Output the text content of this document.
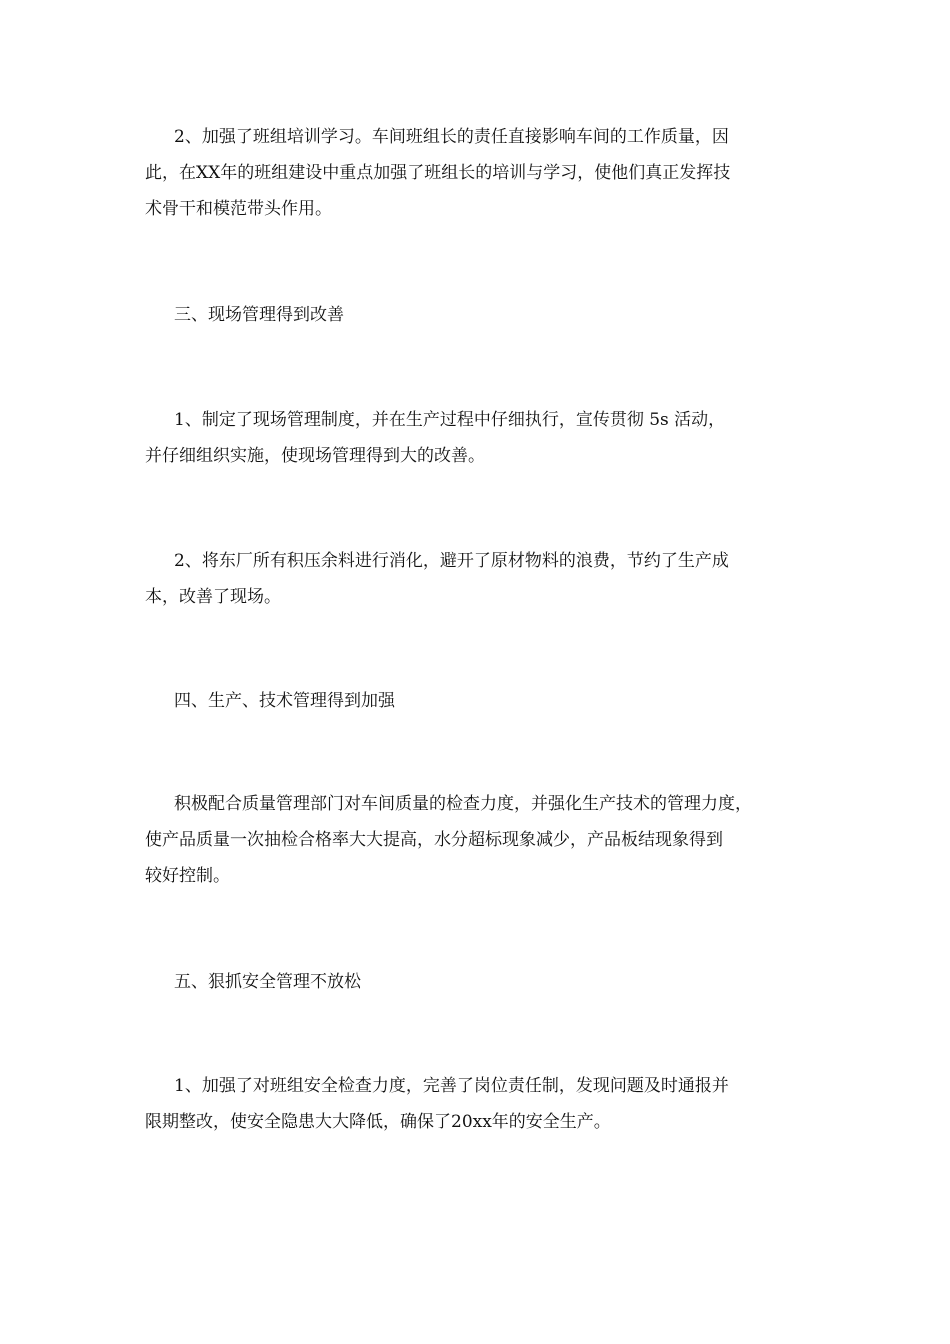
2、加强了班组培训学习。车间班组长的责任直接影响车间的工作质量，因
此，在XX年的班组建设中重点加强了班组长的培训与学习，使他们真正发挥技
术骨干和模范带头作用。
三、现场管理得到改善
1、制定了现场管理制度，并在生产过程中仔细执行，宣传贯彻 5s 活动，
并仔细组织实施，使现场管理得到大的改善。
2、将东厂所有积压余料进行消化，避开了原材物料的浪费，节约了生产成
本，改善了现场。
四、生产、技术管理得到加强
积极配合质量管理部门对车间质量的检查力度，并强化生产技术的管理力度，
使产品质量一次抽检合格率大大提高，水分超标现象减少，产品板结现象得到
较好控制。
五、狠抓安全管理不放松
1、加强了对班组安全检查力度，完善了岗位责任制，发现问题及时通报并
限期整改，使安全隐患大大降低，确保了20xx年的安全生产。
